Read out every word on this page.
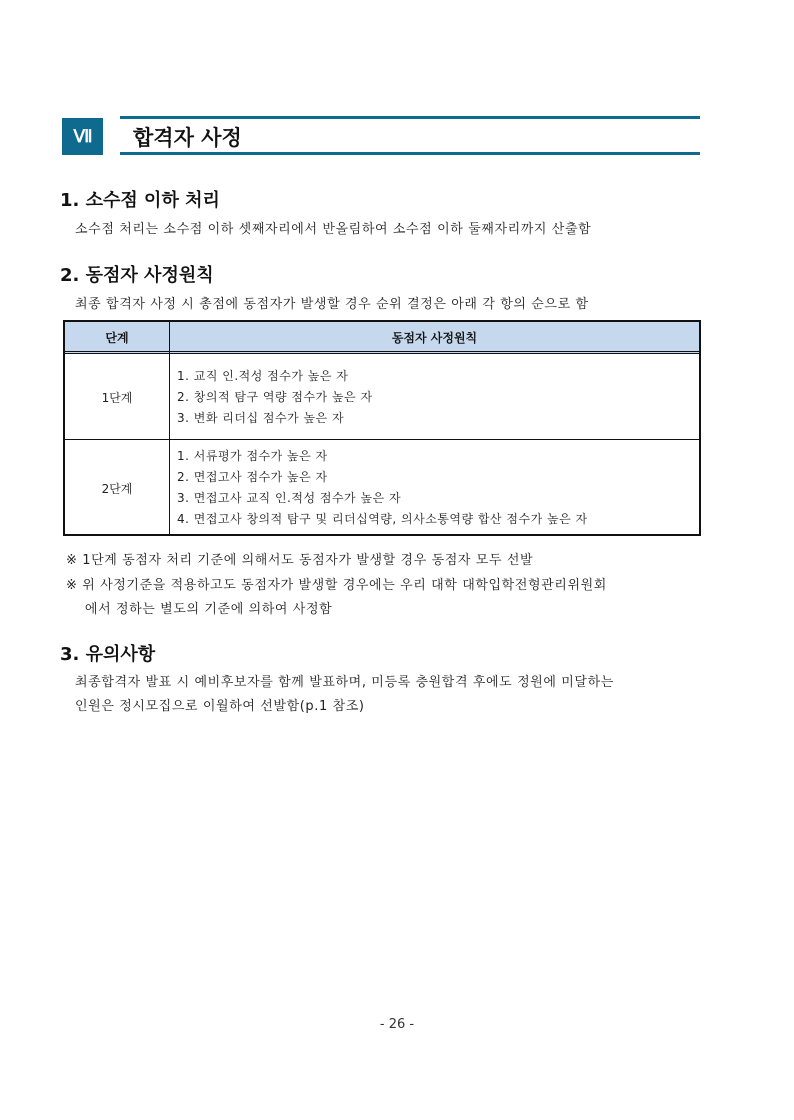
Ⅶ	합격자 사정
1. 소수점 이하 처리
소수점 처리는 소수점 이하 셋째자리에서 반올림하여 소수점 이하 둘째자리까지 산출함
2. 동점자 사정원칙
최종 합격자 사정 시 총점에 동점자가 발생할 경우 순위 결정은 아래 각 항의 순으로 함
단계	동점자 사정원칙
1단계
1. 교직 인.적성 점수가 높은 자
2. 창의적 탐구 역량 점수가 높은 자
3. 변화 리더십 점수가 높은 자
2단계
1. 서류평가 점수가 높은 자
2. 면접고사 점수가 높은 자
3. 면접고사 교직 인.적성 점수가 높은 자
4. 면접고사 창의적 탐구 및 리더십역량, 의사소통역량 합산 점수가 높은 자
※ 1단계 동점자 처리 기준에 의해서도 동점자가 발생할 경우 동점자 모두 선발
※ 위 사정기준을 적용하고도 동점자가 발생할 경우에는 우리 대학 대학입학전형관리위원회
에서 정하는 별도의 기준에 의하여 사정함
3. 유의사항
최종합격자 발표 시 예비후보자를 함께 발표하며, 미등록 충원합격 후에도 정원에 미달하는
인원은 정시모집으로 이월하여 선발함(p.1 참조)
- 26 -
